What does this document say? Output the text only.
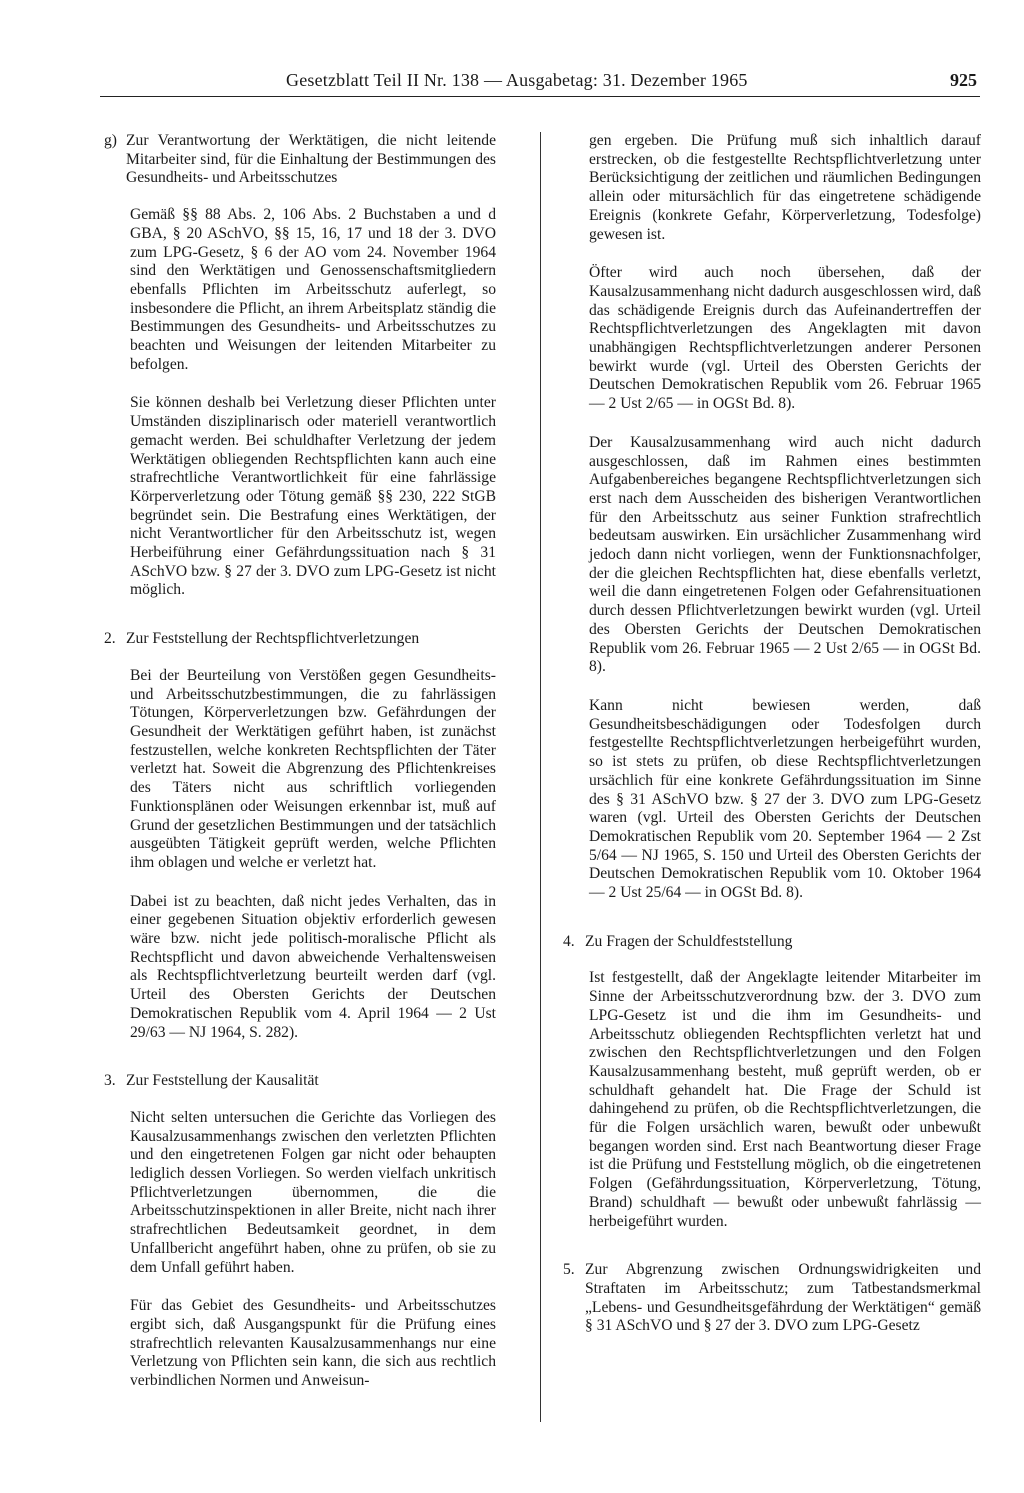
Gesetzblatt Teil II Nr. 138 — Ausgabetag: 31. Dezember 1965	925
g) Zur Verantwortung der Werktätigen, die nicht leitende Mitarbeiter sind, für die Einhaltung der Bestimmungen des Gesundheits- und Arbeitsschutzes

Gemäß §§ 88 Abs. 2, 106 Abs. 2 Buchstaben a und d GBA, § 20 ASchVO, §§ 15, 16, 17 und 18 der 3. DVO zum LPG-Gesetz, § 6 der AO vom 24. November 1964 sind den Werktätigen und Genossenschaftsmitgliedern ebenfalls Pflichten im Arbeitsschutz auferlegt, so insbesondere die Pflicht, an ihrem Arbeitsplatz ständig die Bestimmungen des Gesundheits- und Arbeitsschutzes zu beachten und Weisungen der leitenden Mitarbeiter zu befolgen.

Sie können deshalb bei Verletzung dieser Pflichten unter Umständen disziplinarisch oder materiell verantwortlich gemacht werden. Bei schuldhafter Verletzung der jedem Werktätigen obliegenden Rechtspflichten kann auch eine strafrechtliche Verantwortlichkeit für eine fahrlässige Körperverletzung oder Tötung gemäß §§ 230, 222 StGB begründet sein. Die Bestrafung eines Werktätigen, der nicht Verantwortlicher für den Arbeitsschutz ist, wegen Herbeiführung einer Gefährdungssituation nach § 31 ASchVO bzw. § 27 der 3. DVO zum LPG-Gesetz ist nicht möglich.

2. Zur Feststellung der Rechtspflichtverletzungen

Bei der Beurteilung von Verstößen gegen Gesundheits- und Arbeitsschutzbestimmungen, die zu fahrlässigen Tötungen, Körperverletzungen bzw. Gefährdungen der Gesundheit der Werktätigen geführt haben, ist zunächst festzustellen, welche konkreten Rechtspflichten der Täter verletzt hat. Soweit die Abgrenzung des Pflichtenkreises des Täters nicht aus schriftlich vorliegenden Funktionsplänen oder Weisungen erkennbar ist, muß auf Grund der gesetzlichen Bestimmungen und der tatsächlich ausgeübten Tätigkeit geprüft werden, welche Pflichten ihm oblagen und welche er verletzt hat.

Dabei ist zu beachten, daß nicht jedes Verhalten, das in einer gegebenen Situation objektiv erforderlich gewesen wäre bzw. nicht jede politisch-moralische Pflicht als Rechtspflicht und davon abweichende Verhaltensweisen als Rechtspflichtverletzung beurteilt werden darf (vgl. Urteil des Obersten Gerichts der Deutschen Demokratischen Republik vom 4. April 1964 — 2 Ust 29/63 — NJ 1964, S. 282).

3. Zur Feststellung der Kausalität

Nicht selten untersuchen die Gerichte das Vorliegen des Kausalzusammenhangs zwischen den verletzten Pflichten und den eingetretenen Folgen gar nicht oder behaupten lediglich dessen Vorliegen. So werden vielfach unkritisch Pflichtverletzungen übernommen, die die Arbeitsschutzinspektionen in aller Breite, nicht nach ihrer strafrechtlichen Bedeutsamkeit geordnet, in dem Unfallbericht angeführt haben, ohne zu prüfen, ob sie zu dem Unfall geführt haben.

Für das Gebiet des Gesundheits- und Arbeitsschutzes ergibt sich, daß Ausgangspunkt für die Prüfung eines strafrechtlich relevanten Kausalzusammenhangs nur eine Verletzung von Pflichten sein kann, die sich aus rechtlich verbindlichen Normen und Anweisun-

gen ergeben. Die Prüfung muß sich inhaltlich darauf erstrecken, ob die festgestellte Rechtspflichtverletzung unter Berücksichtigung der zeitlichen und räumlichen Bedingungen allein oder mitursächlich für das eingetretene schädigende Ereignis (konkrete Gefahr, Körperverletzung, Todesfolge) gewesen ist.

Öfter wird auch noch übersehen, daß der Kausalzusammenhang nicht dadurch ausgeschlossen wird, daß das schädigende Ereignis durch das Aufeinandertreffen der Rechtspflichtverletzungen des Angeklagten mit davon unabhängigen Rechtspflichtverletzungen anderer Personen bewirkt wurde (vgl. Urteil des Obersten Gerichts der Deutschen Demokratischen Republik vom 26. Februar 1965 — 2 Ust 2/65 — in OGSt Bd. 8).

Der Kausalzusammenhang wird auch nicht dadurch ausgeschlossen, daß im Rahmen eines bestimmten Aufgabenbereiches begangene Rechtspflichtverletzungen sich erst nach dem Ausscheiden des bisherigen Verantwortlichen für den Arbeitsschutz aus seiner Funktion strafrechtlich bedeutsam auswirken. Ein ursächlicher Zusammenhang wird jedoch dann nicht vorliegen, wenn der Funktionsnachfolger, der die gleichen Rechtspflichten hat, diese ebenfalls verletzt, weil die dann eingetretenen Folgen oder Gefahrensituationen durch dessen Pflichtverletzungen bewirkt wurden (vgl. Urteil des Obersten Gerichts der Deutschen Demokratischen Republik vom 26. Februar 1965 — 2 Ust 2/65 — in OGSt Bd. 8).

Kann nicht bewiesen werden, daß Gesundheitsbeschädigungen oder Todesfolgen durch festgestellte Rechtspflichtverletzungen herbeigeführt wurden, so ist stets zu prüfen, ob diese Rechtspflichtverletzungen ursächlich für eine konkrete Gefährdungssituation im Sinne des § 31 ASchVO bzw. § 27 der 3. DVO zum LPG-Gesetz waren (vgl. Urteil des Obersten Gerichts der Deutschen Demokratischen Republik vom 20. September 1964 — 2 Zst 5/64 — NJ 1965, S. 150 und Urteil des Obersten Gerichts der Deutschen Demokratischen Republik vom 10. Oktober 1964 — 2 Ust 25/64 — in OGSt Bd. 8).

4. Zu Fragen der Schuldfeststellung

Ist festgestellt, daß der Angeklagte leitender Mitarbeiter im Sinne der Arbeitsschutzverordnung bzw. der 3. DVO zum LPG-Gesetz ist und die ihm im Gesundheits- und Arbeitsschutz obliegenden Rechtspflichten verletzt hat und zwischen den Rechtspflichtverletzungen und den Folgen Kausalzusammenhang besteht, muß geprüft werden, ob er schuldhaft gehandelt hat. Die Frage der Schuld ist dahingehend zu prüfen, ob die Rechtspflichtverletzungen, die für die Folgen ursächlich waren, bewußt oder unbewußt begangen worden sind. Erst nach Beantwortung dieser Frage ist die Prüfung und Feststellung möglich, ob die eingetretenen Folgen (Gefährdungssituation, Körperverletzung, Tötung, Brand) schuldhaft — bewußt oder unbewußt fahrlässig — herbeigeführt wurden.

5. Zur Abgrenzung zwischen Ordnungswidrigkeiten und Straftaten im Arbeitsschutz; zum Tatbestandsmerkmal „Lebens- und Gesundheitsgefährdung der Werktätigen“ gemäß § 31 ASchVO und § 27 der 3. DVO zum LPG-Gesetz
